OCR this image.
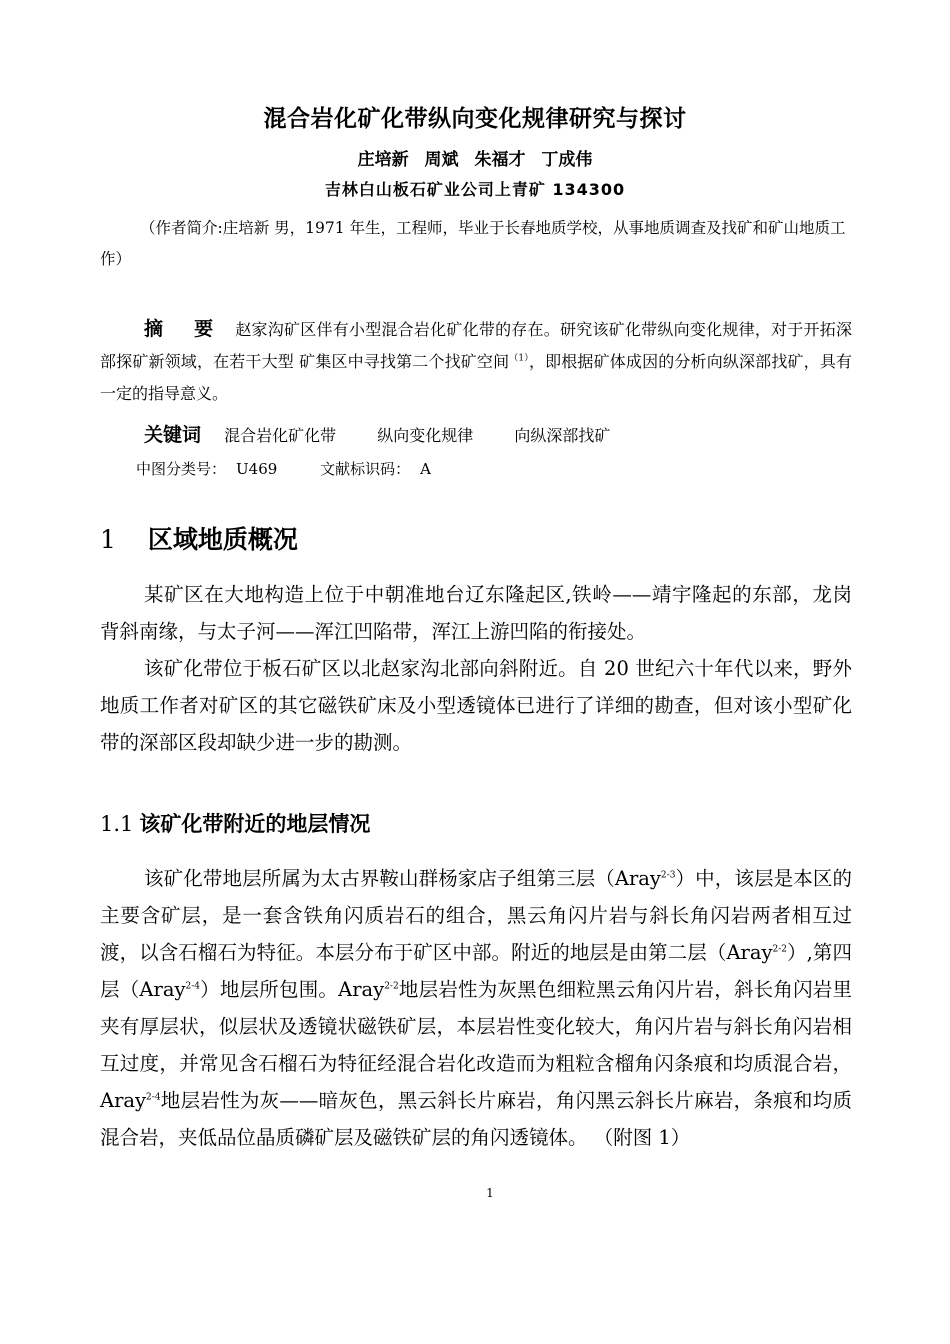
混合岩化矿化带纵向变化规律研究与探讨
庄培新 周斌 朱福才 丁成伟
吉林白山板石矿业公司上青矿 134300
（作者简介:庄培新 男，1971 年生，工程师，毕业于长春地质学校，从事地质调查及找矿和矿山地质工作）
摘 要 赵家沟矿区伴有小型混合岩化矿化带的存在。研究该矿化带纵向变化规律，对于开拓深部探矿新领域，在若干大型 矿集区中寻找第二个找矿空间$^{(1)}$，即根据矿体成因的分析向纵深部找矿，具有一定的指导意义。
关键词 混合岩化矿化带	纵向变化规律	向纵深部找矿
中图分类号： U469	文献标识码： A
1 区域地质概况
某矿区在大地构造上位于中朝准地台辽东隆起区,铁岭——靖宇隆起的东部，龙岗背斜南缘，与太子河——浑江凹陷带，浑江上游凹陷的衔接处。
该矿化带位于板石矿区以北赵家沟北部向斜附近。自 20 世纪六十年代以来，野外地质工作者对矿区的其它磁铁矿床及小型透镜体已进行了详细的勘查，但对该小型矿化带的深部区段却缺少进一步的勘测。
1.1 该矿化带附近的地层情况
该矿化带地层所属为太古界鞍山群杨家店子组第三层（Aray$^{2-3}$）中，该层是本区的主要含矿层，是一套含铁角闪质岩石的组合，黑云角闪片岩与斜长角闪岩两者相互过渡，以含石榴石为特征。本层分布于矿区中部。附近的地层是由第二层（Aray$^{2-2}$）,第四层（Aray$^{2-4}$）地层所包围。Aray$^{2-2}$地层岩性为灰黑色细粒黑云角闪片岩，斜长角闪岩里夹有厚层状，似层状及透镜状磁铁矿层，本层岩性变化较大，角闪片岩与斜长角闪岩相互过度，并常见含石榴石为特征经混合岩化改造而为粗粒含榴角闪条痕和均质混合岩，Aray$^{2-4}$地层岩性为灰——暗灰色，黑云斜长片麻岩，角闪黑云斜长片麻岩，条痕和均质混合岩，夹低品位晶质磷矿层及磁铁矿层的角闪透镜体。 （附图 1）
1
